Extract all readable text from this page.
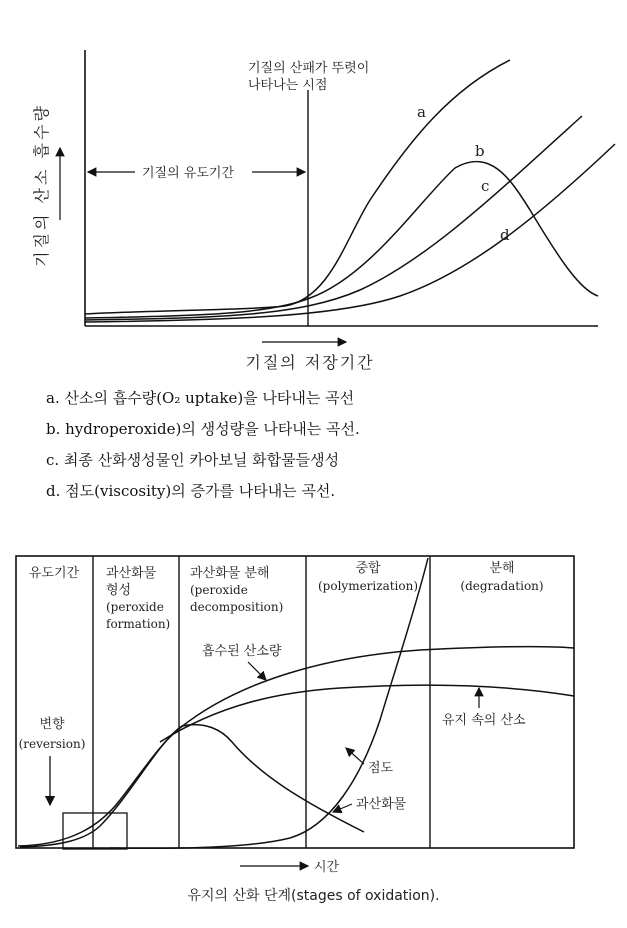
기질의 산소 흡수량
기질의 산패가 뚜렷이
나타나는 시점
기질의 유도기간
a
b
c
d
기질의 저장기간
유도기간 과산화물
형성
(peroxide
formation)
과산화물 분해
(peroxide
decomposition)
중합
(polymerization)
분해
(degradation)
변향
(reversion)
흡수된 산소량
유지 속의 산소
점도
과산화물
시간
a. 산소의 흡수량(O₂ uptake)을 나타내는 곡선
b. hydroperoxide)의 생성량을 나타내는 곡선.
c. 최종 산화생성물인 카아보닐 화합물들생성
d. 점도(viscosity)의 증가를 나타내는 곡선.
유지의 산화 단계(stages of oxidation).
